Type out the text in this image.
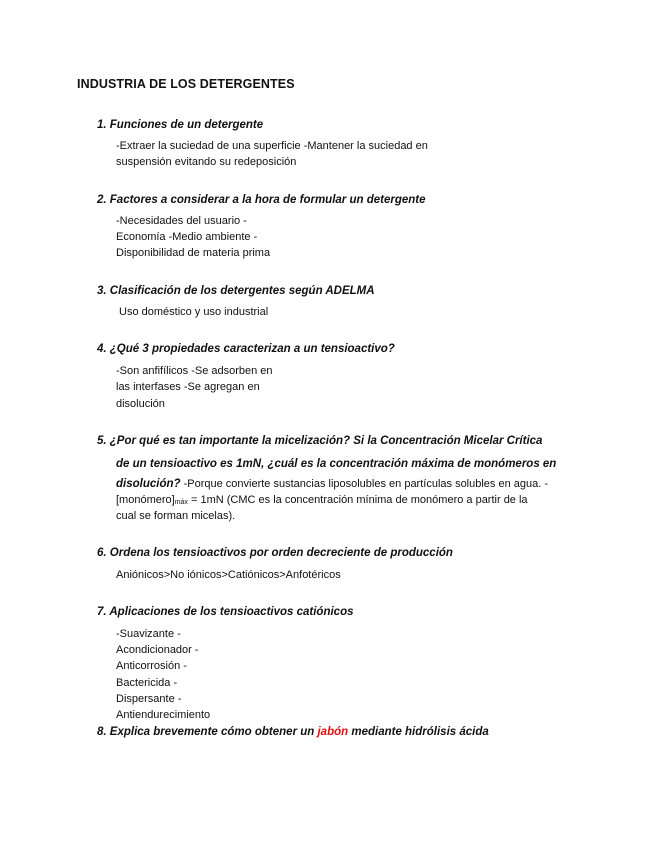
INDUSTRIA DE LOS DETERGENTES
1. Funciones de un detergente
-Extraer la suciedad de una superficie -Mantener la suciedad en
suspensión evitando su redeposición
2. Factores a considerar a la hora de formular un detergente
-Necesidades del usuario -
Economía -Medio ambiente -
Disponibilidad de materia prima
3. Clasificación de los detergentes según ADELMA
Uso doméstico y uso industrial
4. ¿Qué 3 propiedades caracterizan a un tensioactivo?
-Son anfifílicos -Se adsorben en
las interfases -Se agregan en
disolución
5. ¿Por qué es tan importante la micelización? Si la Concentración Micelar Crítica
de un tensioactivo es 1mN, ¿cuál es la concentración máxima de monómeros en
disolución? -Porque convierte sustancias liposolubles en partículas solubles en agua. -
[monómero]máx = 1mN (CMC es la concentración mínima de monómero a partir de la
cual se forman micelas).
6. Ordena los tensioactivos por orden decreciente de producción
Aniónicos>No iónicos>Catiónicos>Anfotéricos
7. Aplicaciones de los tensioactivos catiónicos
-Suavizante -
Acondicionador -
Anticorrosión -
Bactericida -
Dispersante -
Antiendurecimiento
8. Explica brevemente cómo obtener un jabón mediante hidrólisis ácida
